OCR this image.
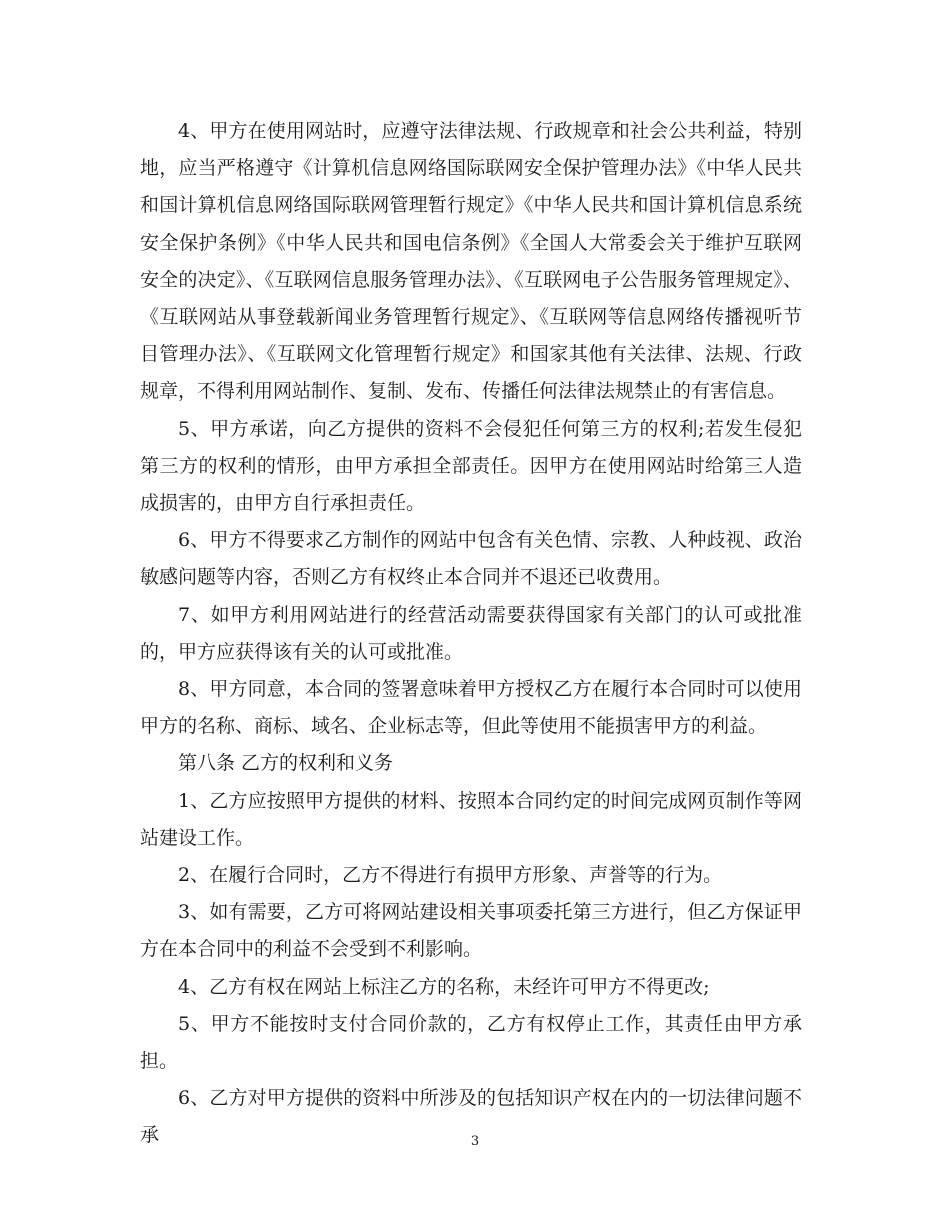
4、甲方在使用网站时，应遵守法律法规、行政规章和社会公共利益，特别地，应当严格遵守《计算机信息网络国际联网安全保护管理办法》《中华人民共和国计算机信息网络国际联网管理暂行规定》《中华人民共和国计算机信息系统安全保护条例》《中华人民共和国电信条例》《全国人大常委会关于维护互联网安全的决定》、《互联网信息服务管理办法》、《互联网电子公告服务管理规定》、《互联网站从事登载新闻业务管理暂行规定》、《互联网等信息网络传播视听节目管理办法》、《互联网文化管理暂行规定》和国家其他有关法律、法规、行政规章，不得利用网站制作、复制、发布、传播任何法律法规禁止的有害信息。

5、甲方承诺，向乙方提供的资料不会侵犯任何第三方的权利;若发生侵犯第三方的权利的情形，由甲方承担全部责任。因甲方在使用网站时给第三人造成损害的，由甲方自行承担责任。

6、甲方不得要求乙方制作的网站中包含有关色情、宗教、人种歧视、政治敏感问题等内容，否则乙方有权终止本合同并不退还已收费用。

7、如甲方利用网站进行的经营活动需要获得国家有关部门的认可或批准的，甲方应获得该有关的认可或批准。

8、甲方同意，本合同的签署意味着甲方授权乙方在履行本合同时可以使用甲方的名称、商标、域名、企业标志等，但此等使用不能损害甲方的利益。

第八条 乙方的权利和义务

1、乙方应按照甲方提供的材料、按照本合同约定的时间完成网页制作等网站建设工作。

2、在履行合同时，乙方不得进行有损甲方形象、声誉等的行为。

3、如有需要，乙方可将网站建设相关事项委托第三方进行，但乙方保证甲方在本合同中的利益不会受到不利影响。

4、乙方有权在网站上标注乙方的名称，未经许可甲方不得更改;

5、甲方不能按时支付合同价款的，乙方有权停止工作，其责任由甲方承担。

6、乙方对甲方提供的资料中所涉及的包括知识产权在内的一切法律问题不承	3
